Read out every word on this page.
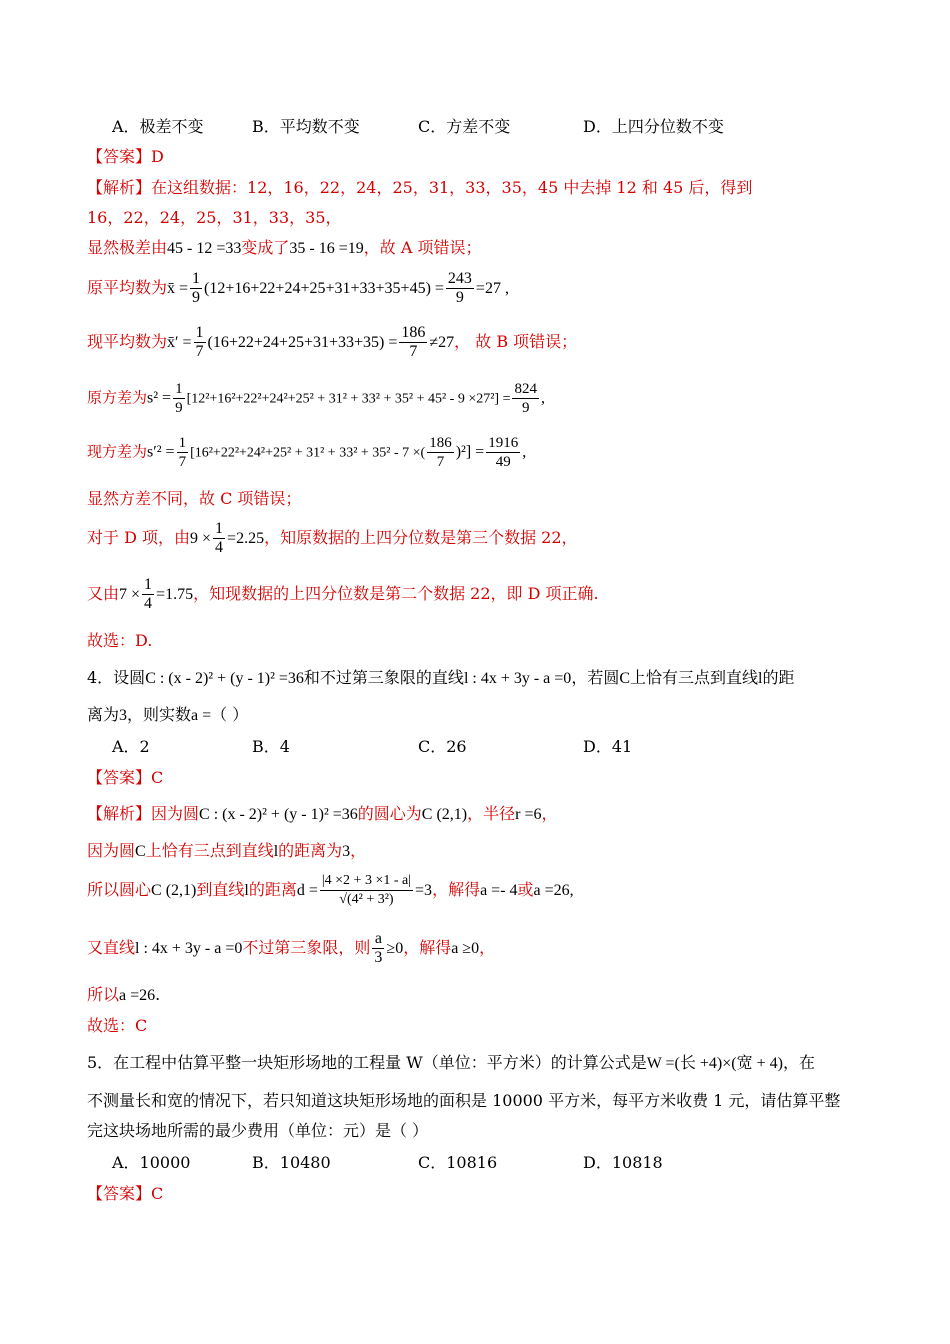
A．极差不变	B．平均数不变	C．方差不变	D．上四分位数不变
【答案】D
【解析】在这组数据：12，16，22，24，25，31，33，35，45 中去掉 12 和 45 后，得到
16，22，24，25，31，33，35，
显然极差由45 - 12 =33变成了35 - 16 =19，故 A 项错误；
原平均数为x̄ = $\frac{1}{9} (12+16+22+24+25+31+33+35+45) = \frac{243}{9} =27$ ,
现平均数为x̄′ = $\frac{1}{7} (16+22+24+25+31+33+35) = \frac{186}{7} \ne 27$， 故 B 项错误；
原方差为$s^2 = \frac{1}{9} [12^2+16^2+22^2+24^2+25^2 + 31^2 + 33^2 + 35^2 + 45^2 - 9 \times 27^2] = \frac{824}{9}$ ,
现方差为$s'^2 = \frac{1}{7} [16^2+22^2+24^2+25^2 + 31^2 + 33^2 + 35^2 - 7$ ×( $\frac{186}{7} )^2] = \frac{1916}{49}$ ,
显然方差不同，故 C 项错误；
对于 D 项，由$9 \times \frac{1}{4} =2.25$，知原数据的上四分位数是第三个数据 22，
又由$7 \times \frac{1}{4} =1.75$，知现数据的上四分位数是第二个数据 22，即 D 项正确.
故选：D.
4．设圆C : (x - 2)² + (y - 1)² =36和不过第三象限的直线l : 4x + 3y - a =0，若圆C上恰有三点到直线l的距
离为3，则实数a =（ ）
A．2	B．4	C．26	D．41
【答案】C
【解析】因为圆C : (x - 2)² + (y - 1)² =36的圆心为C (2,1)，半径r =6，
因为圆C上恰有三点到直线l的距离为3，
所以圆心C (2,1)到直线l的距离$d = \frac{|4 \times 2 + 3 \times 1 - a|}{\text{√(4² + 3²)}} =3$，解得a =- 4或a =26,
又直线l : 4x + 3y - a =0不过第三象限，则 $\frac{a}{3} \ge 0$，解得a ≥0，
所以a =26.
故选：C
5．在工程中估算平整一块矩形场地的工程量 W（单位：平方米）的计算公式是W =(长 +4)×(宽 + 4)，在
不测量长和宽的情况下，若只知道这块矩形场地的面积是 10000 平方米，每平方米收费 1 元，请估算平整
完这块场地所需的最少费用（单位：元）是（ ）
A．10000	B．10480	C．10816	D．10818
【答案】C
